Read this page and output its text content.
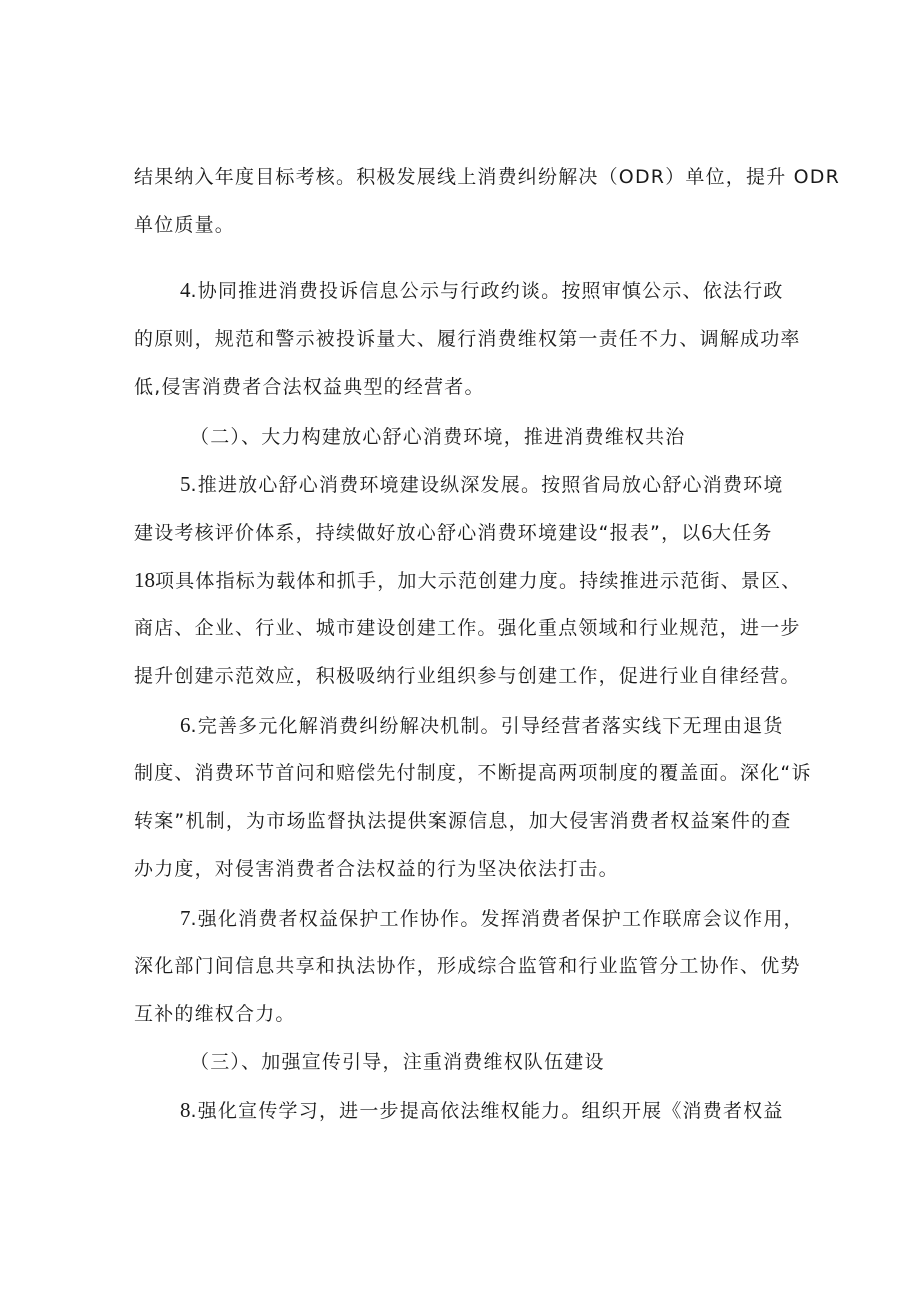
结果纳入年度目标考核。积极发展线上消费纠纷解决（ODR）单位，提升 ODR
单位质量。
4.协同推进消费投诉信息公示与行政约谈。按照审慎公示、依法行政
的原则，规范和警示被投诉量大、履行消费维权第一责任不力、调解成功率
低,侵害消费者合法权益典型的经营者。
（二）、大力构建放心舒心消费环境，推进消费维权共治
5.推进放心舒心消费环境建设纵深发展。按照省局放心舒心消费环境
建设考核评价体系，持续做好放心舒心消费环境建设“报表”，以6大任务
18项具体指标为载体和抓手，加大示范创建力度。持续推进示范街、景区、
商店、企业、行业、城市建设创建工作。强化重点领域和行业规范，进一步
提升创建示范效应，积极吸纳行业组织参与创建工作，促进行业自律经营。
6.完善多元化解消费纠纷解决机制。引导经营者落实线下无理由退货
制度、消费环节首问和赔偿先付制度，不断提高两项制度的覆盖面。深化“诉
转案”机制，为市场监督执法提供案源信息，加大侵害消费者权益案件的查
办力度，对侵害消费者合法权益的行为坚决依法打击。
7.强化消费者权益保护工作协作。发挥消费者保护工作联席会议作用，
深化部门间信息共享和执法协作，形成综合监管和行业监管分工协作、优势
互补的维权合力。
（三）、加强宣传引导，注重消费维权队伍建设
8.强化宣传学习，进一步提高依法维权能力。组织开展《消费者权益
